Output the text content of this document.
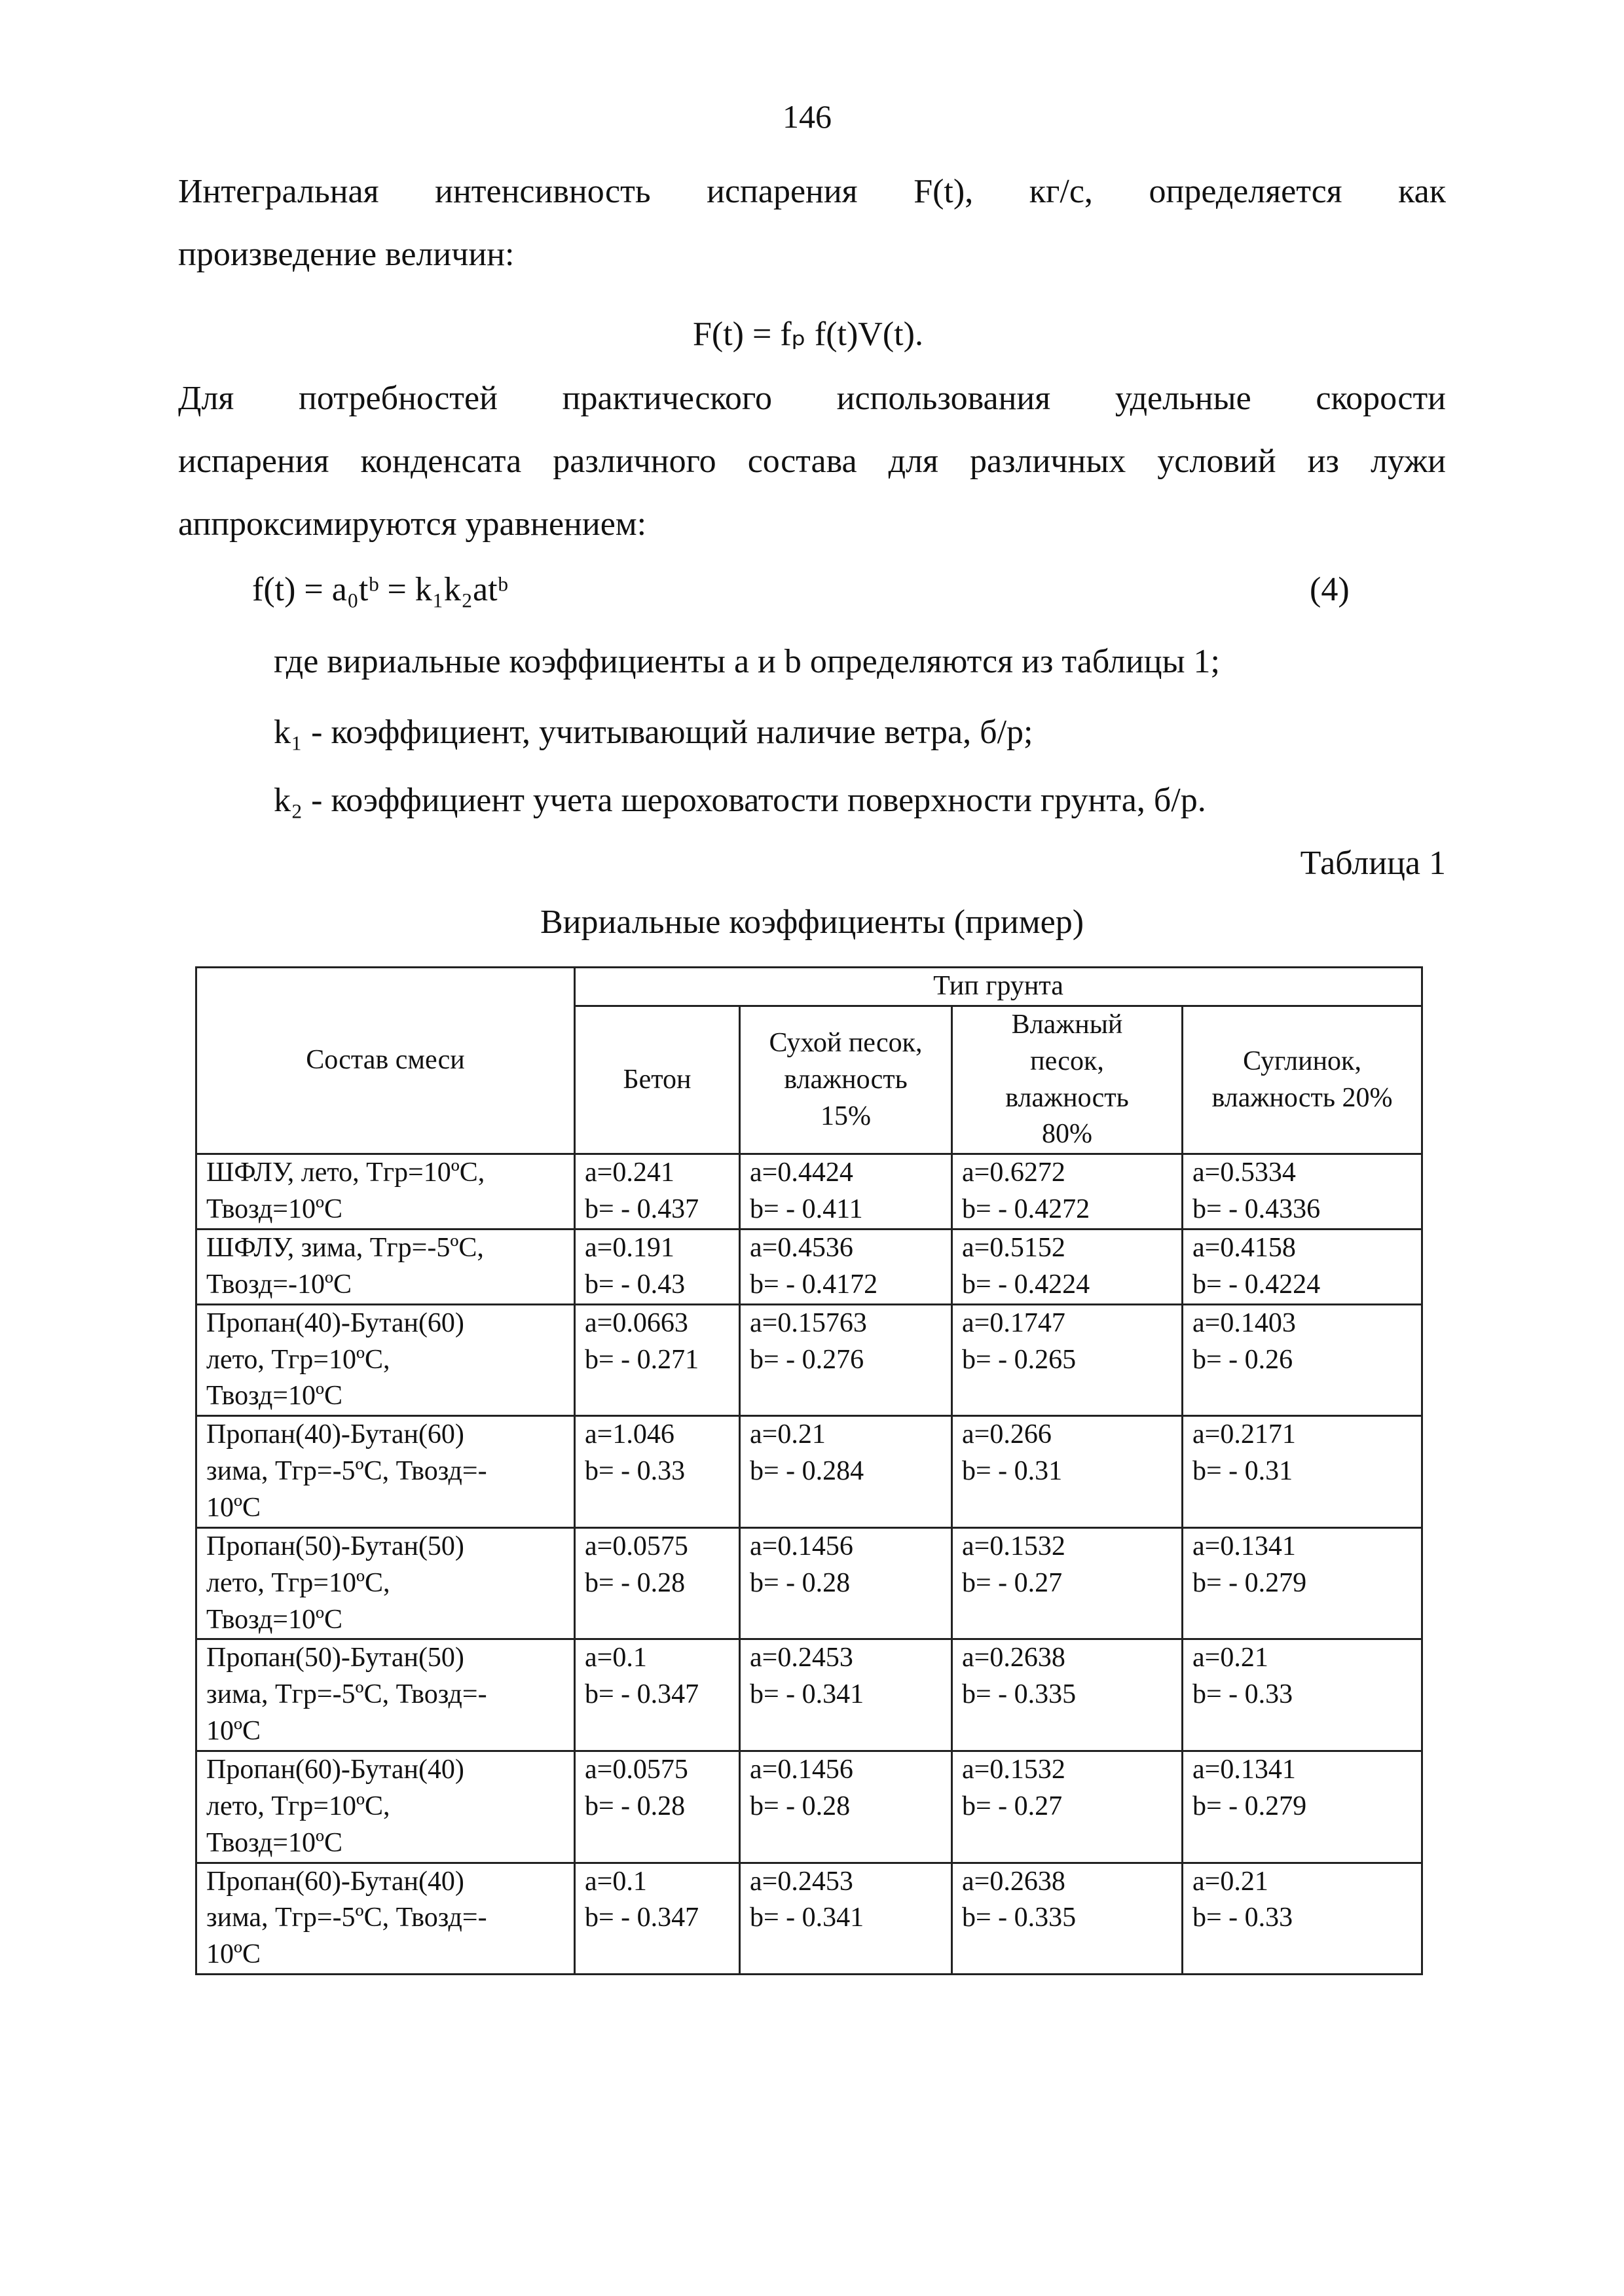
146
Интегральная интенсивность испарения F(t), кг/с, определяется как
произведение величин:
F(t) = fₚ f(t)V(t).
Для потребностей практического использования удельные скорости
испарения конденсата различного состава для различных условий из лужи
аппроксимируются уравнением:
f(t) = a₀tᵇ = k₁k₂atᵇ	(4)
где вириальные коэффициенты a и b определяются из таблицы 1;
k₁ - коэффициент, учитывающий наличие ветра, б/р;
k₂ - коэффициент учета шероховатости поверхности грунта, б/р.
Таблица 1
Вириальные коэффициенты (пример)
Состав смеси	Тип грунта			

	Бетон	Сухой песок,
влажность
15%	Влажный
песок,
влажность
80%	Суглинок,
влажность 20%

ШФЛУ, лето, Тгр=10ºС,
Твозд=10ºС	a=0.241
b= - 0.437	a=0.4424
b= - 0.411	a=0.6272
b= - 0.4272	a=0.5334
b= - 0.4336

ШФЛУ, зима, Тгр=-5ºС,
Твозд=-10ºС	a=0.191
b= - 0.43	a=0.4536
b= - 0.4172	a=0.5152
b= - 0.4224	a=0.4158
b= - 0.4224

Пропан(40)-Бутан(60)
лето, Тгр=10ºС,
Твозд=10ºС	a=0.0663
b= - 0.271	a=0.15763
b= - 0.276	a=0.1747
b= - 0.265	a=0.1403
b= - 0.26

Пропан(40)-Бутан(60)
зима, Тгр=-5ºС, Твозд=-
10ºС	a=1.046
b= - 0.33	a=0.21
b= - 0.284	a=0.266
b= - 0.31	a=0.2171
b= - 0.31

Пропан(50)-Бутан(50)
лето, Тгр=10ºС,
Твозд=10ºС	a=0.0575
b= - 0.28	a=0.1456
b= - 0.28	a=0.1532
b= - 0.27	a=0.1341
b= - 0.279

Пропан(50)-Бутан(50)
зима, Тгр=-5ºС, Твозд=-
10ºС	a=0.1
b= - 0.347	a=0.2453
b= - 0.341	a=0.2638
b= - 0.335	a=0.21
b= - 0.33

Пропан(60)-Бутан(40)
лето, Тгр=10ºС,
Твозд=10ºС	a=0.0575
b= - 0.28	a=0.1456
b= - 0.28	a=0.1532
b= - 0.27	a=0.1341
b= - 0.279

Пропан(60)-Бутан(40)
зима, Тгр=-5ºС, Твозд=-
10ºС	a=0.1
b= - 0.347	a=0.2453
b= - 0.341	a=0.2638
b= - 0.335	a=0.21
b= - 0.33
